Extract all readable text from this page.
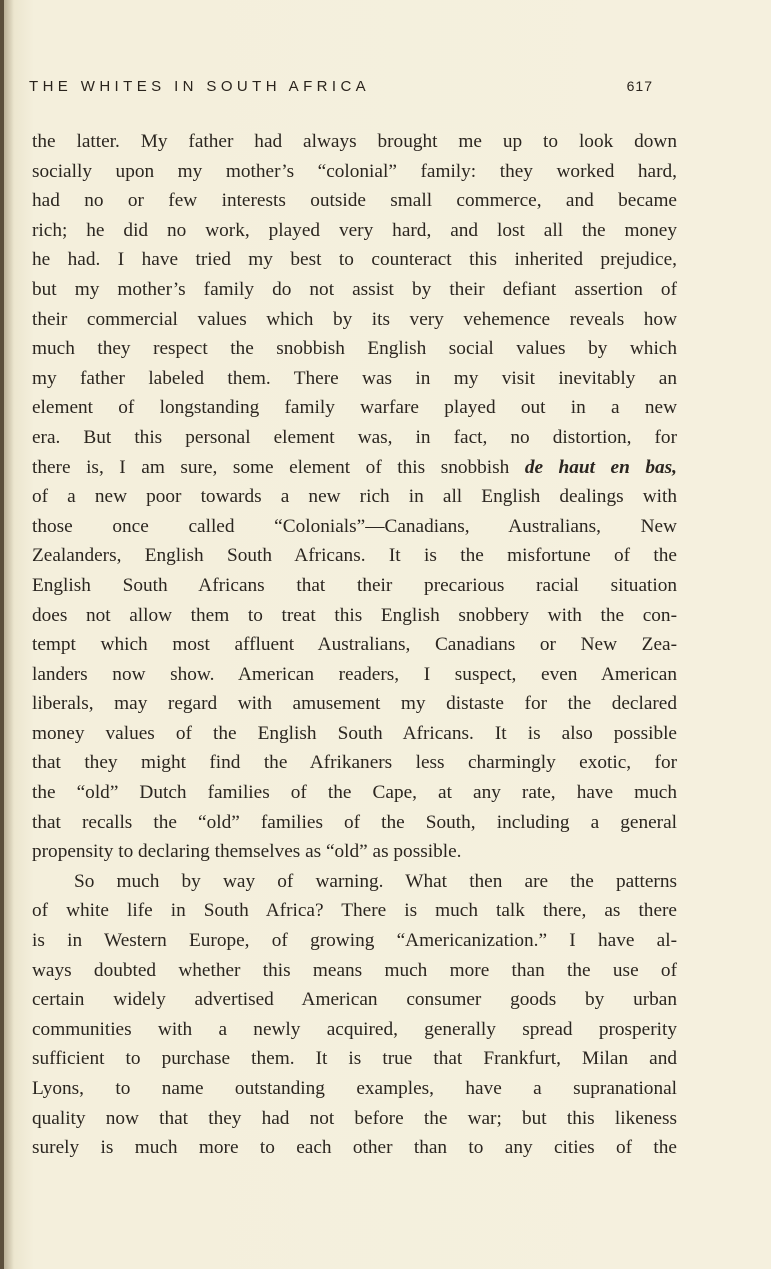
THE WHITES IN SOUTH AFRICA	617
the latter. My father had always brought me up to look down
socially upon my mother’s “colonial” family: they worked hard,
had no or few interests outside small commerce, and became
rich; he did no work, played very hard, and lost all the money
he had. I have tried my best to counteract this inherited prejudice,
but my mother’s family do not assist by their defiant assertion of
their commercial values which by its very vehemence reveals how
much they respect the snobbish English social values by which
my father labeled them. There was in my visit inevitably an
element of longstanding family warfare played out in a new
era. But this personal element was, in fact, no distortion, for
there is, I am sure, some element of this snobbish de haut en bas,
of a new poor towards a new rich in all English dealings with
those once called “Colonials”—Canadians, Australians, New
Zealanders, English South Africans. It is the misfortune of the
English South Africans that their precarious racial situation
does not allow them to treat this English snobbery with the con-
tempt which most affluent Australians, Canadians or New Zea-
landers now show. American readers, I suspect, even American
liberals, may regard with amusement my distaste for the declared
money values of the English South Africans. It is also possible
that they might find the Afrikaners less charmingly exotic, for
the “old” Dutch families of the Cape, at any rate, have much
that recalls the “old” families of the South, including a general
propensity to declaring themselves as “old” as possible.
So much by way of warning. What then are the patterns
of white life in South Africa? There is much talk there, as there
is in Western Europe, of growing “Americanization.” I have al-
ways doubted whether this means much more than the use of
certain widely advertised American consumer goods by urban
communities with a newly acquired, generally spread prosperity
sufficient to purchase them. It is true that Frankfurt, Milan and
Lyons, to name outstanding examples, have a supranational
quality now that they had not before the war; but this likeness
surely is much more to each other than to any cities of the
